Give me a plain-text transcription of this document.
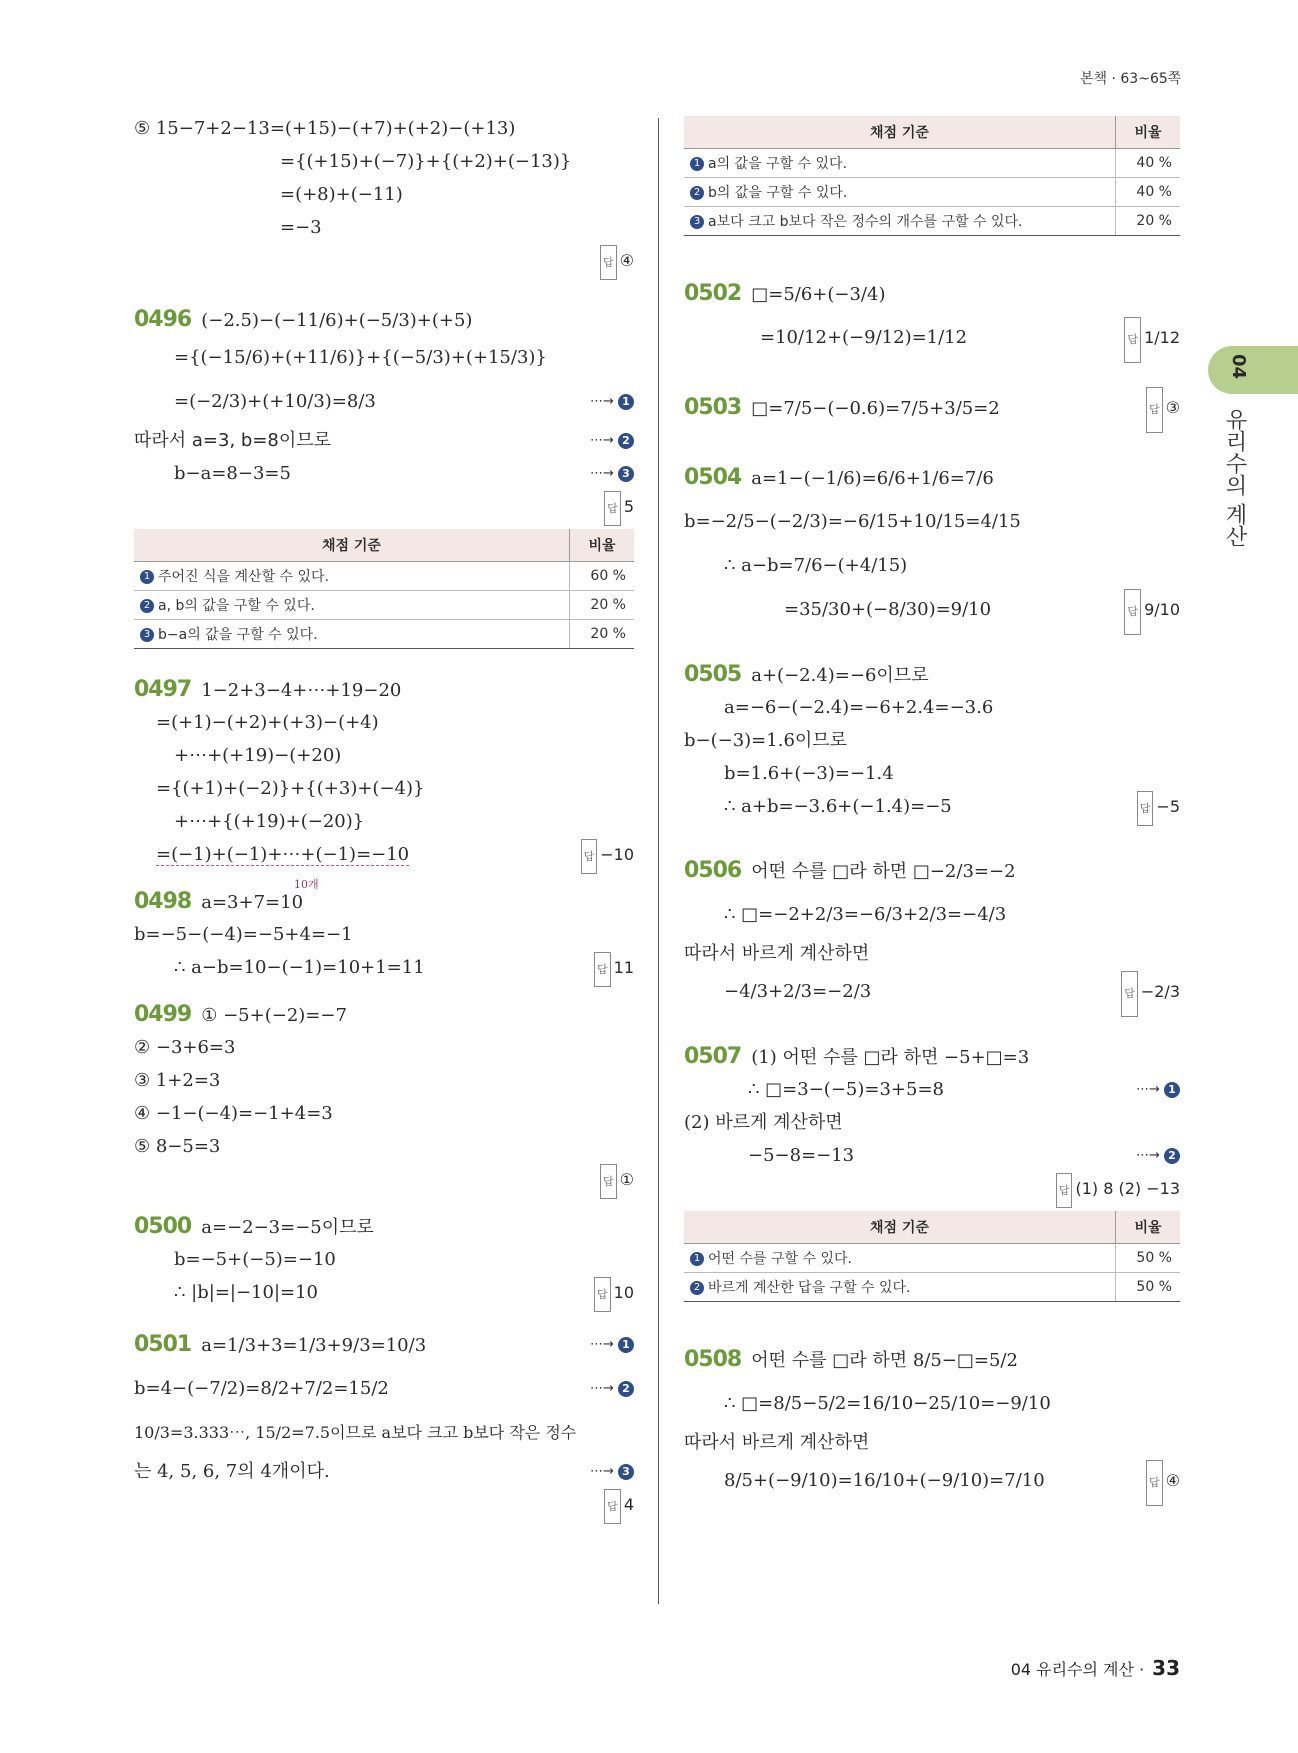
본책 · 63~65쪽
04
유리수의 계산
⑤ 15−7+2−13=(+15)−(+7)+(+2)−(+13)
={(+15)+(−7)}+{(+2)+(−13)}
=(+8)+(−11)
=−3
답 ④
0496 (−2.5)−(−11/6)+(−5/3)+(+5)
={(−15/6)+(+11/6)}+{(−5/3)+(+15/3)}
=(−2/3)+(+10/3)=8/3	⋯→ 1
따라서 a=3, b=8이므로	⋯→ 2
b−a=8−3=5	⋯→ 3
답 5
채점 기준	비율
1 주어진 식을 계산할 수 있다.	60 %
2 a, b의 값을 구할 수 있다.	20 %
3 b−a의 값을 구할 수 있다.	20 %
0497 1−2+3−4+⋯+19−20
=(+1)−(+2)+(+3)−(+4)
+⋯+(+19)−(+20)
={(+1)+(−2)}+{(+3)+(−4)}
+⋯+{(+19)+(−20)}
=(−1)+(−1)+⋯+(−1)=−10
10개
답 −10
0498 a=3+7=10
b=−5−(−4)=−5+4=−1
∴ a−b=10−(−1)=10+1=11	답 11
0499 ① −5+(−2)=−7
② −3+6=3
③ 1+2=3
④ −1−(−4)=−1+4=3
⑤ 8−5=3
답 ①
0500 a=−2−3=−5이므로
b=−5+(−5)=−10
∴ |b|=|−10|=10	답 10
0501 a=1/3+3=1/3+9/3=10/3	⋯→ 1
b=4−(−7/2)=8/2+7/2=15/2	⋯→ 2
10/3=3.333⋯, 15/2=7.5이므로 a보다 크고 b보다 작은 정수
는 4, 5, 6, 7의 4개이다.	⋯→ 3
답 4
채점 기준	비율
1 a의 값을 구할 수 있다.	40 %
2 b의 값을 구할 수 있다.	40 %
3 a보다 크고 b보다 작은 정수의 개수를 구할 수 있다.	20 %
0502 □=5/6+(−3/4)
=10/12+(−9/12)=1/12	답 1/12
0503 □=7/5−(−0.6)=7/5+3/5=2	답 ③
0504 a=1−(−1/6)=6/6+1/6=7/6
b=−2/5−(−2/3)=−6/15+10/15=4/15
∴ a−b=7/6−(+4/15)
=35/30+(−8/30)=9/10	답 9/10
0505 a+(−2.4)=−6이므로
a=−6−(−2.4)=−6+2.4=−3.6
b−(−3)=1.6이므로
b=1.6+(−3)=−1.4
∴ a+b=−3.6+(−1.4)=−5	답 −5
0506 어떤 수를 □라 하면 □−2/3=−2
∴ □=−2+2/3=−6/3+2/3=−4/3
따라서 바르게 계산하면
−4/3+2/3=−2/3	답 −2/3
0507 (1) 어떤 수를 □라 하면 −5+□=3
∴ □=3−(−5)=3+5=8	⋯→ 1
(2) 바르게 계산하면
−5−8=−13	⋯→ 2
답 (1) 8 (2) −13
채점 기준	비율
1 어떤 수를 구할 수 있다.	50 %
2 바르게 계산한 답을 구할 수 있다.	50 %
0508 어떤 수를 □라 하면 8/5−□=5/2
∴ □=8/5−5/2=16/10−25/10=−9/10
따라서 바르게 계산하면
8/5+(−9/10)=16/10+(−9/10)=7/10	답 ④
04 유리수의 계산 · 33
